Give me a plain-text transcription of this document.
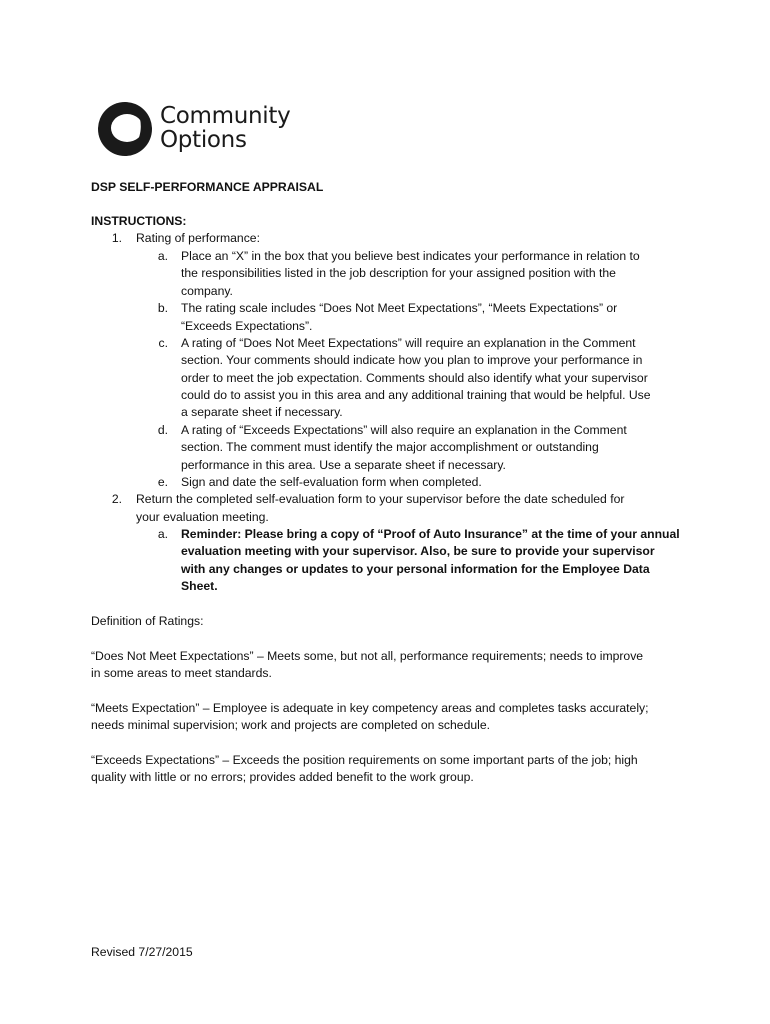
Community
Options
DSP SELF-PERFORMANCE APPRAISAL
INSTRUCTIONS:
1. Rating of performance:
a. Place an “X” in the box that you believe best indicates your performance in relation to
the responsibilities listed in the job description for your assigned position with the
company.
b. The rating scale includes “Does Not Meet Expectations”, “Meets Expectations” or
“Exceeds Expectations”.
c. A rating of “Does Not Meet Expectations” will require an explanation in the Comment
section. Your comments should indicate how you plan to improve your performance in
order to meet the job expectation. Comments should also identify what your supervisor
could do to assist you in this area and any additional training that would be helpful. Use
a separate sheet if necessary.
d. A rating of “Exceeds Expectations” will also require an explanation in the Comment
section. The comment must identify the major accomplishment or outstanding
performance in this area. Use a separate sheet if necessary.
e. Sign and date the self-evaluation form when completed.
2. Return the completed self-evaluation form to your supervisor before the date scheduled for
your evaluation meeting.
a. Reminder: Please bring a copy of “Proof of Auto Insurance” at the time of your annual
evaluation meeting with your supervisor. Also, be sure to provide your supervisor
with any changes or updates to your personal information for the Employee Data
Sheet.
Definition of Ratings:
“Does Not Meet Expectations” – Meets some, but not all, performance requirements; needs to improve
in some areas to meet standards.
“Meets Expectation” – Employee is adequate in key competency areas and completes tasks accurately;
needs minimal supervision; work and projects are completed on schedule.
“Exceeds Expectations” – Exceeds the position requirements on some important parts of the job; high
quality with little or no errors; provides added benefit to the work group.
Revised 7/27/2015
